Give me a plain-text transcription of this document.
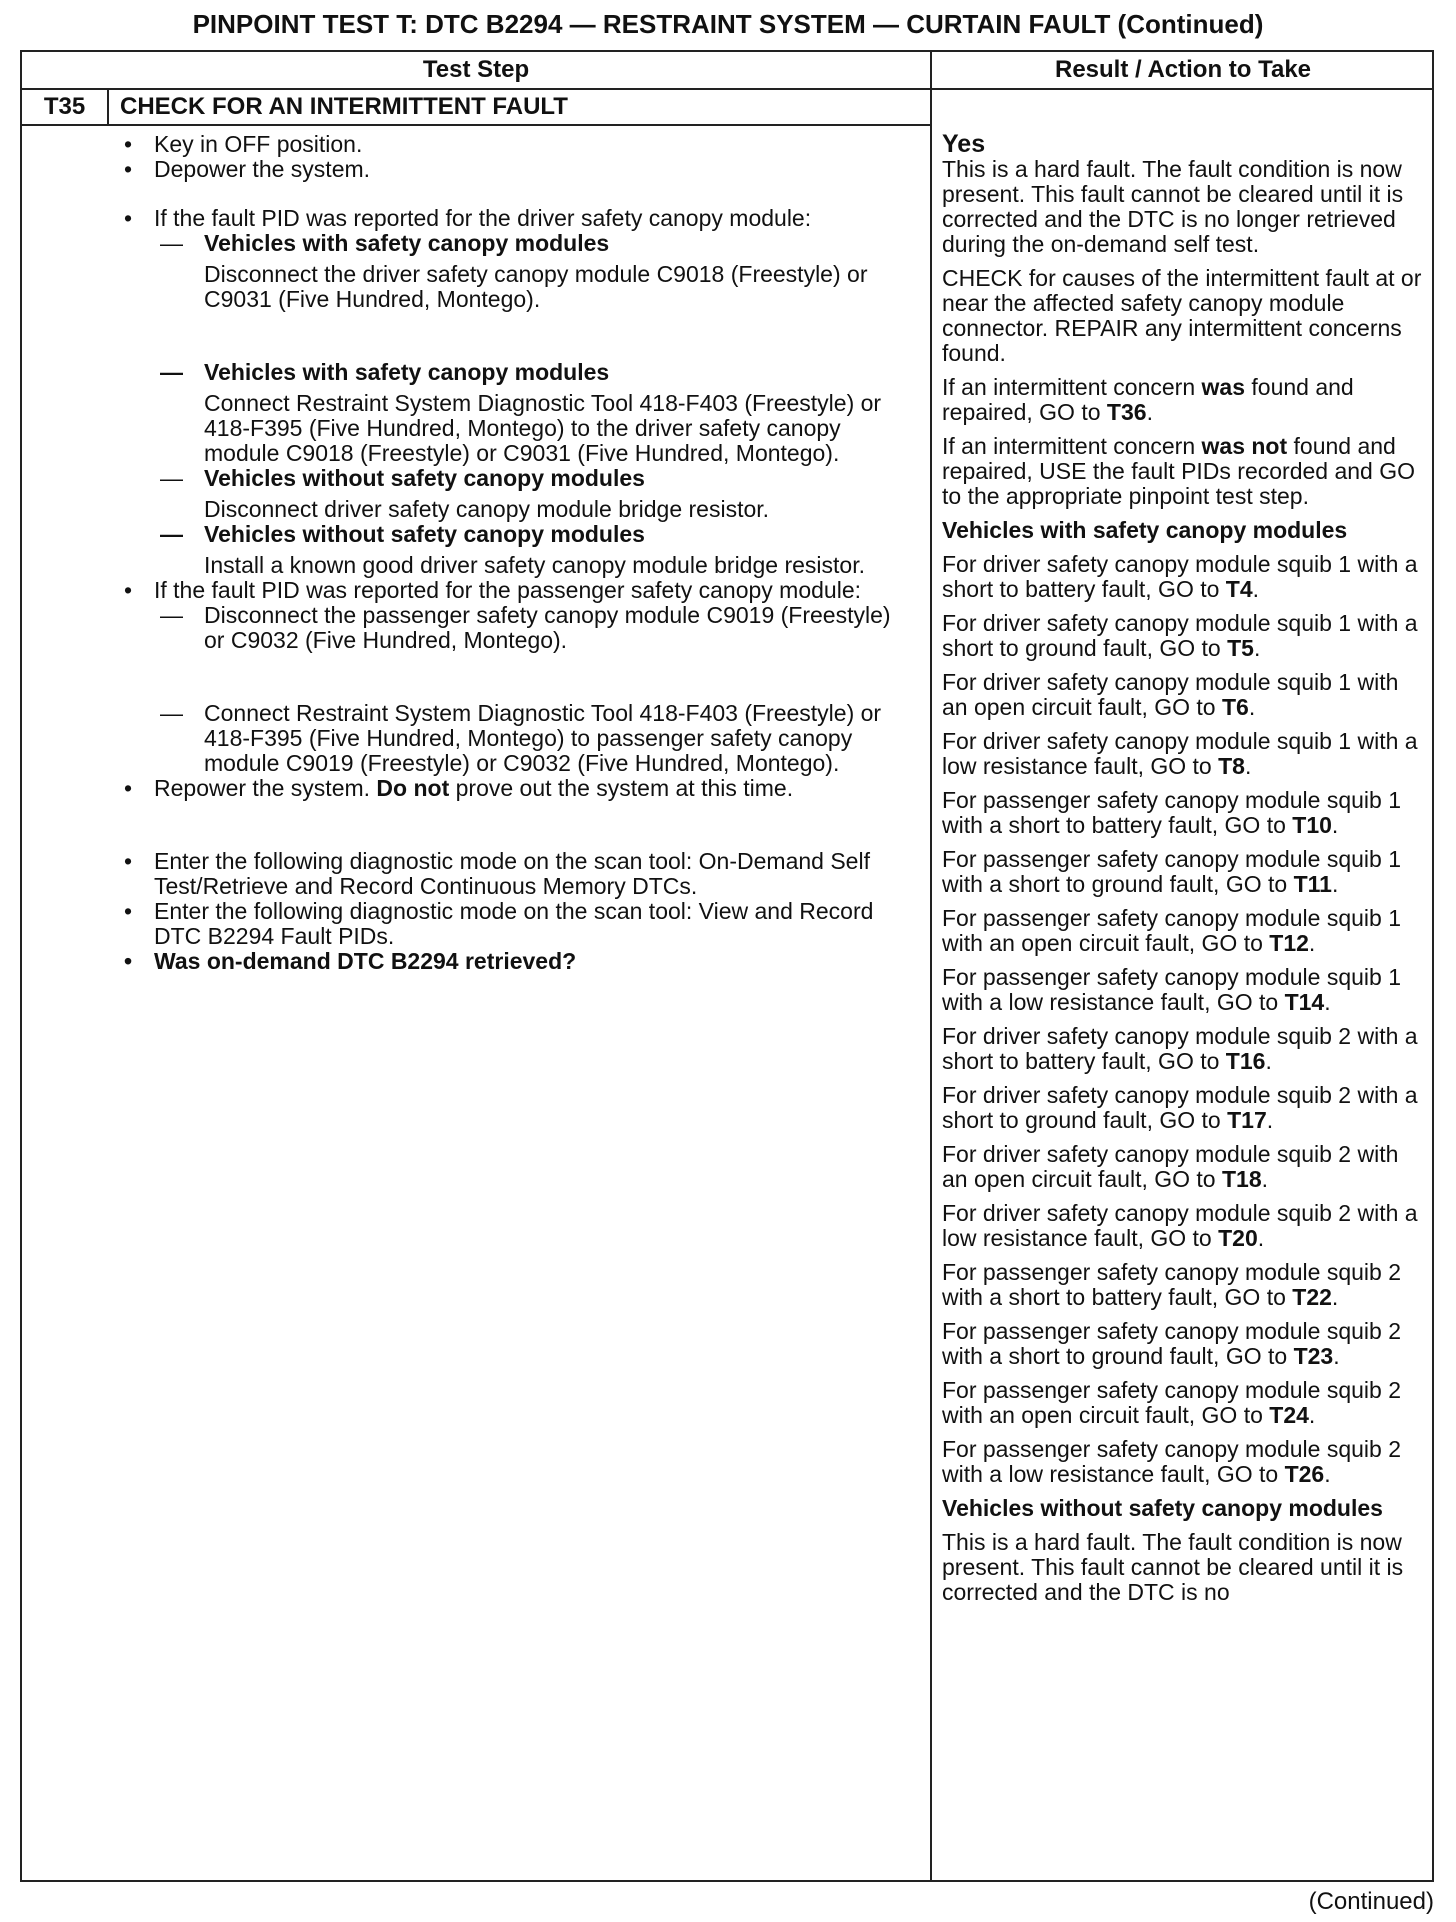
PINPOINT TEST T: DTC B2294 — RESTRAINT SYSTEM — CURTAIN FAULT (Continued)
Test Step	Result / Action to Take
T35	CHECK FOR AN INTERMITTENT FAULT
• Key in OFF position.
• Depower the system.
• If the fault PID was reported for the driver safety canopy module:
— Vehicles with safety canopy modules
Disconnect the driver safety canopy module C9018 (Freestyle) or C9031 (Five Hundred, Montego).
— Vehicles with safety canopy modules
Connect Restraint System Diagnostic Tool 418-F403 (Freestyle) or 418-F395 (Five Hundred, Montego) to the driver safety canopy module C9018 (Freestyle) or C9031 (Five Hundred, Montego).
— Vehicles without safety canopy modules
Disconnect driver safety canopy module bridge resistor.
— Vehicles without safety canopy modules
Install a known good driver safety canopy module bridge resistor.
• If the fault PID was reported for the passenger safety canopy module:
— Disconnect the passenger safety canopy module C9019 (Freestyle) or C9032 (Five Hundred, Montego).
— Connect Restraint System Diagnostic Tool 418-F403 (Freestyle) or 418-F395 (Five Hundred, Montego) to passenger safety canopy module C9019 (Freestyle) or C9032 (Five Hundred, Montego).
• Repower the system. Do not prove out the system at this time.
• Enter the following diagnostic mode on the scan tool: On-Demand Self Test/Retrieve and Record Continuous Memory DTCs.
• Enter the following diagnostic mode on the scan tool: View and Record DTC B2294 Fault PIDs.
• Was on-demand DTC B2294 retrieved?

Yes

This is a hard fault. The fault condition is now present. This fault cannot be cleared until it is corrected and the DTC is no longer retrieved during the on-demand self test.

CHECK for causes of the intermittent fault at or near the affected safety canopy module connector. REPAIR any intermittent concerns found.

If an intermittent concern was found and repaired, GO to T36.

If an intermittent concern was not found and repaired, USE the fault PIDs recorded and GO to the appropriate pinpoint test step.

Vehicles with safety canopy modules

For driver safety canopy module squib 1 with a short to battery fault, GO to T4.

For driver safety canopy module squib 1 with a short to ground fault, GO to T5.

For driver safety canopy module squib 1 with an open circuit fault, GO to T6.

For driver safety canopy module squib 1 with a low resistance fault, GO to T8.

For passenger safety canopy module squib 1 with a short to battery fault, GO to T10.

For passenger safety canopy module squib 1 with a short to ground fault, GO to T11.

For passenger safety canopy module squib 1 with an open circuit fault, GO to T12.

For passenger safety canopy module squib 1 with a low resistance fault, GO to T14.

For driver safety canopy module squib 2 with a short to battery fault, GO to T16.

For driver safety canopy module squib 2 with a short to ground fault, GO to T17.

For driver safety canopy module squib 2 with an open circuit fault, GO to T18.

For driver safety canopy module squib 2 with a low resistance fault, GO to T20.

For passenger safety canopy module squib 2 with a short to battery fault, GO to T22.

For passenger safety canopy module squib 2 with a short to ground fault, GO to T23.

For passenger safety canopy module squib 2 with an open circuit fault, GO to T24.

For passenger safety canopy module squib 2 with a low resistance fault, GO to T26.

Vehicles without safety canopy modules

This is a hard fault. The fault condition is now present. This fault cannot be cleared until it is corrected and the DTC is no

(Continued)
